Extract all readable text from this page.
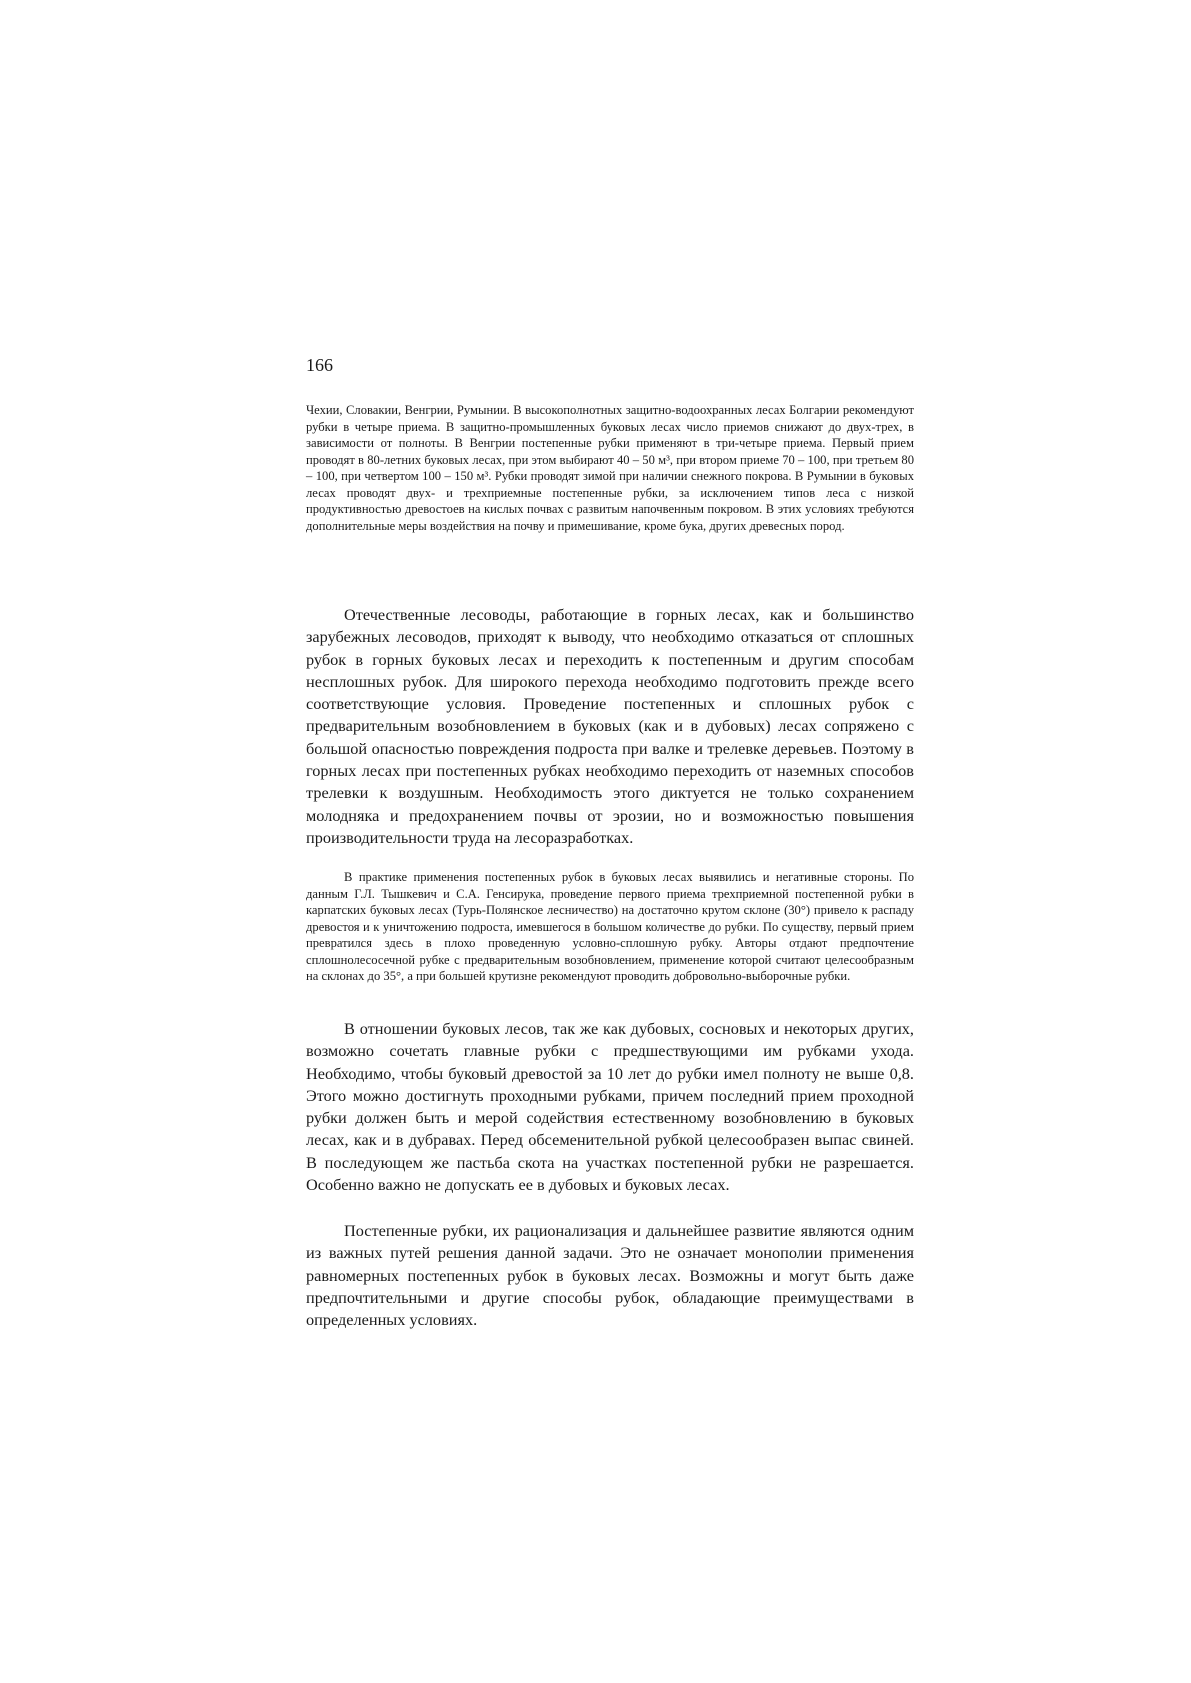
166

Чехии, Словакии, Венгрии, Румынии. В высокополнотных защитно-водоохранных лесах Болгарии рекомендуют рубки в четыре приема. В защитно-промышленных буковых лесах число приемов снижают до двух-трех, в зависимости от полноты. В Венгрии постепенные рубки применяют в три-четыре приема. Первый прием проводят в 80-летних буковых лесах, при этом выбирают 40 – 50 м³, при втором приеме 70 – 100, при третьем 80 – 100, при четвертом 100 – 150 м³. Рубки проводят зимой при наличии снежного покрова. В Румынии в буковых лесах проводят двух- и трехприемные постепенные рубки, за исключением типов леса с низкой продуктивностью древостоев на кислых почвах с развитым напочвенным покровом. В этих условиях требуются дополнительные меры воздействия на почву и примешивание, кроме бука, других древесных пород.

Отечественные лесоводы, работающие в горных лесах, как и большинство зарубежных лесоводов, приходят к выводу, что необходимо отказаться от сплошных рубок в горных буковых лесах и переходить к постепенным и другим способам несплошных рубок. Для широкого перехода необходимо подготовить прежде всего соответствующие условия. Проведение постепенных и сплошных рубок с предварительным возобновлением в буковых (как и в дубовых) лесах сопряжено с большой опасностью повреждения подроста при валке и трелевке деревьев. Поэтому в горных лесах при постепенных рубках необходимо переходить от наземных способов трелевки к воздушным. Необходимость этого диктуется не только сохранением молодняка и предохранением почвы от эрозии, но и возможностью повышения производительности труда на лесоразработках.

В практике применения постепенных рубок в буковых лесах выявились и негативные стороны. По данным Г.Л. Тышкевич и С.А. Генсирука, проведение первого приема трехприемной постепенной рубки в карпатских буковых лесах (Турь-Полянское лесничество) на достаточно крутом склоне (30°) привело к распаду древостоя и к уничтожению подроста, имевшегося в большом количестве до рубки. По существу, первый прием превратился здесь в плохо проведенную условно-сплошную рубку. Авторы отдают предпочтение сплошнолесосечной рубке с предварительным возобновлением, применение которой считают целесообразным на склонах до 35°, а при большей крутизне рекомендуют проводить добровольно-выборочные рубки.

В отношении буковых лесов, так же как дубовых, сосновых и некоторых других, возможно сочетать главные рубки с предшествующими им рубками ухода. Необходимо, чтобы буковый древостой за 10 лет до рубки имел полноту не выше 0,8. Этого можно достигнуть проходными рубками, причем последний прием проходной рубки должен быть и мерой содействия естественному возобновлению в буковых лесах, как и в дубравах. Перед обсеменительной рубкой целесообразен выпас свиней. В последующем же пастьба скота на участках постепенной рубки не разрешается. Особенно важно не допускать ее в дубовых и буковых лесах.

Постепенные рубки, их рационализация и дальнейшее развитие являются одним из важных путей решения данной задачи. Это не означает монополии применения равномерных постепенных рубок в буковых лесах. Возможны и могут быть даже предпочтительными и другие способы рубок, обладающие преимуществами в определенных условиях.
